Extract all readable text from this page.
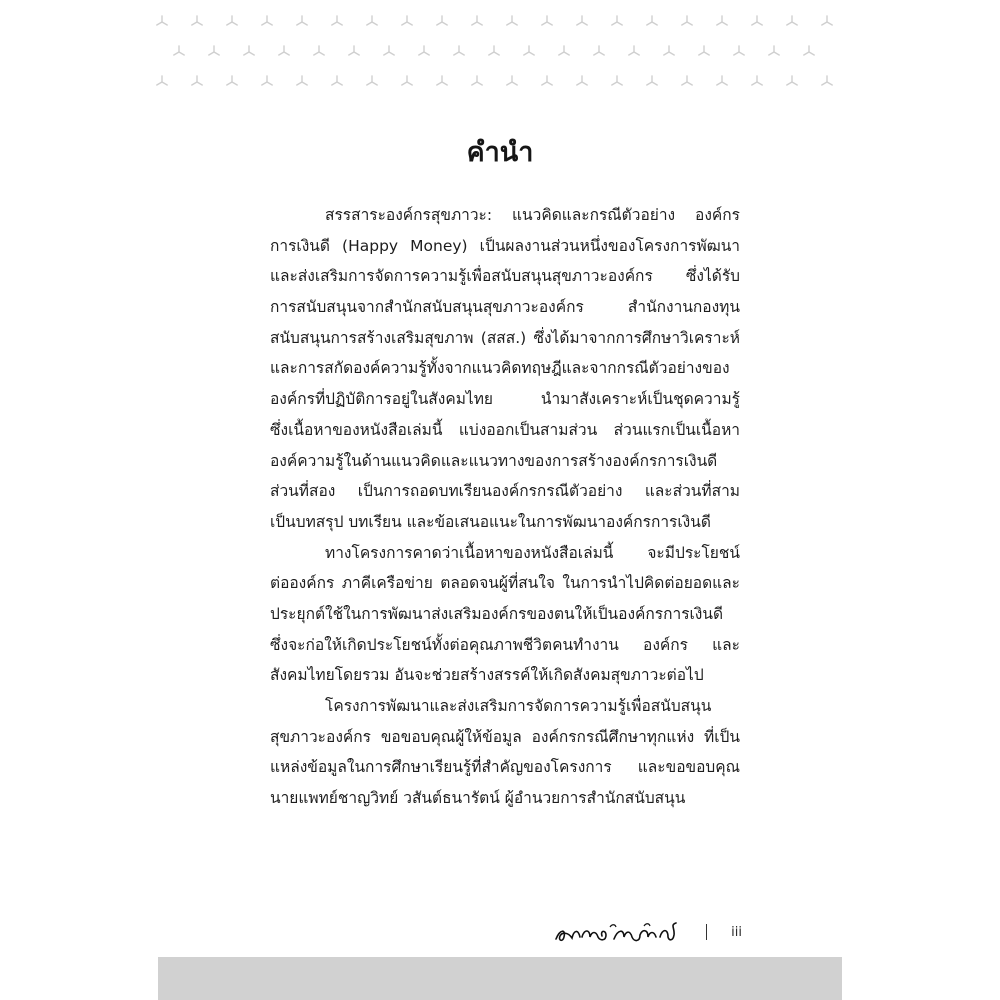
คำนำ
สรรสาระองค์กรสุขภาวะ: แนวคิดและกรณีตัวอย่าง องค์กร
การเงินดี (Happy Money) เป็นผลงานส่วนหนึ่งของโครงการพัฒนา
และส่งเสริมการจัดการความรู้เพื่อสนับสนุนสุขภาวะองค์กร ซึ่งได้รับ
การสนับสนุนจากสำนักสนับสนุนสุขภาวะองค์กร สำนักงานกองทุน
สนับสนุนการสร้างเสริมสุขภาพ (สสส.) ซึ่งได้มาจากการศึกษาวิเคราะห์
และการสกัดองค์ความรู้ทั้งจากแนวคิดทฤษฎีและจากกรณีตัวอย่างของ
องค์กรที่ปฏิบัติการอยู่ในสังคมไทย นำมาสังเคราะห์เป็นชุดความรู้
ซึ่งเนื้อหาของหนังสือเล่มนี้ แบ่งออกเป็นสามส่วน ส่วนแรกเป็นเนื้อหา
องค์ความรู้ในด้านแนวคิดและแนวทางของการสร้างองค์กรการเงินดี
ส่วนที่สอง เป็นการถอดบทเรียนองค์กรกรณีตัวอย่าง และส่วนที่สาม
เป็นบทสรุป บทเรียน และข้อเสนอแนะในการพัฒนาองค์กรการเงินดี
ทางโครงการคาดว่าเนื้อหาของหนังสือเล่มนี้ จะมีประโยชน์
ต่อองค์กร ภาคีเครือข่าย ตลอดจนผู้ที่สนใจ ในการนำไปคิดต่อยอดและ
ประยุกต์ใช้ในการพัฒนาส่งเสริมองค์กรของตนให้เป็นองค์กรการเงินดี
ซึ่งจะก่อให้เกิดประโยชน์ทั้งต่อคุณภาพชีวิตคนทำงาน องค์กร และ
สังคมไทยโดยรวม อันจะช่วยสร้างสรรค์ให้เกิดสังคมสุขภาวะต่อไป
โครงการพัฒนาและส่งเสริมการจัดการความรู้เพื่อสนับสนุน
สุขภาวะองค์กร ขอขอบคุณผู้ให้ข้อมูล องค์กรกรณีศึกษาทุกแห่ง ที่เป็น
แหล่งข้อมูลในการศึกษาเรียนรู้ที่สำคัญของโครงการ และขอขอบคุณ
นายแพทย์ชาญวิทย์ วสันต์ธนารัตน์ ผู้อำนวยการสำนักสนับสนุน
iii
